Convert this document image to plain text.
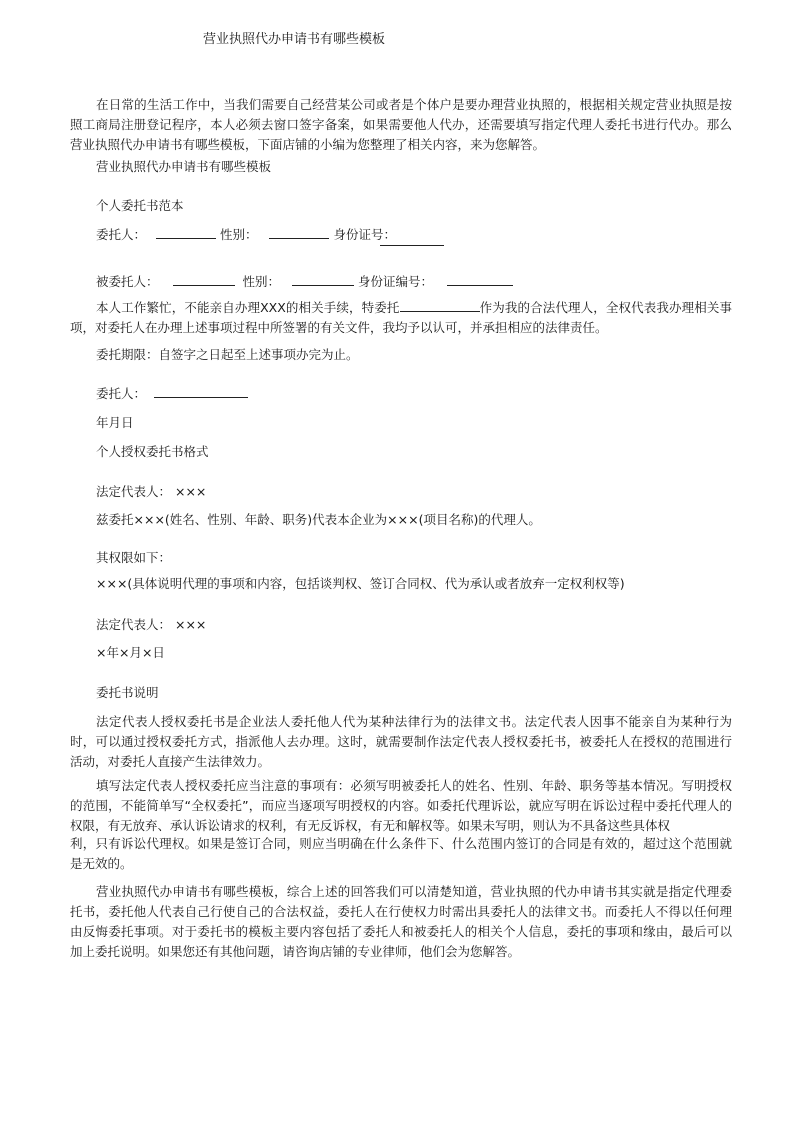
营业执照代办申请书有哪些模板
在日常的生活工作中，当我们需要自己经营某公司或者是个体户是要办理营业执照的，根据相关规定营业执照是按照工商局注册登记程序，本人必须去窗口签字备案，如果需要他人代办，还需要填写指定代理人委托书进行代办。那么营业执照代办申请书有哪些模板，下面店铺的小编为您整理了相关内容，来为您解答。
营业执照代办申请书有哪些模板
个人委托书范本
委托人：	性别：	身份证号：
被委托人：	性别：	身份证编号：
本人工作繁忙，不能亲自办理XXX的相关手续，特委托	作为我的合法代理人，全权代表我办理相关事项，对委托人在办理上述事项过程中所签署的有关文件，我均予以认可，并承担相应的法律责任。
委托期限：自签字之日起至上述事项办完为止。
委托人：
年月日
个人授权委托书格式
法定代表人： ×××
兹委托×××(姓名、性别、年龄、职务)代表本企业为×××(项目名称)的代理人。
其权限如下：
×××(具体说明代理的事项和内容，包括谈判权、签订合同权、代为承认或者放弃一定权利权等)
法定代表人： ×××
×年×月×日
委托书说明
法定代表人授权委托书是企业法人委托他人代为某种法律行为的法律文书。法定代表人因事不能亲自为某种行为时，可以通过授权委托方式，指派他人去办理。这时，就需要制作法定代表人授权委托书，被委托人在授权的范围进行活动，对委托人直接产生法律效力。
填写法定代表人授权委托应当注意的事项有：必须写明被委托人的姓名、性别、年龄、职务等基本情况。写明授权的范围，不能简单写“全权委托”，而应当逐项写明授权的内容。如委托代理诉讼，就应写明在诉讼过程中委托代理人的权限，有无放弃、承认诉讼请求的权利，有无反诉权，有无和解权等。如果未写明，则认为不具备这些具体权
利，只有诉讼代理权。如果是签订合同，则应当明确在什么条件下、什么范围内签订的合同是有效的，超过这个范围就是无效的。
营业执照代办申请书有哪些模板，综合上述的回答我们可以清楚知道，营业执照的代办申请书其实就是指定代理委托书，委托他人代表自己行使自己的合法权益，委托人在行使权力时需出具委托人的法律文书。而委托人不得以任何理由反悔委托事项。对于委托书的模板主要内容包括了委托人和被委托人的相关个人信息，委托的事项和缘由，最后可以加上委托说明。如果您还有其他问题，请咨询店铺的专业律师，他们会为您解答。
